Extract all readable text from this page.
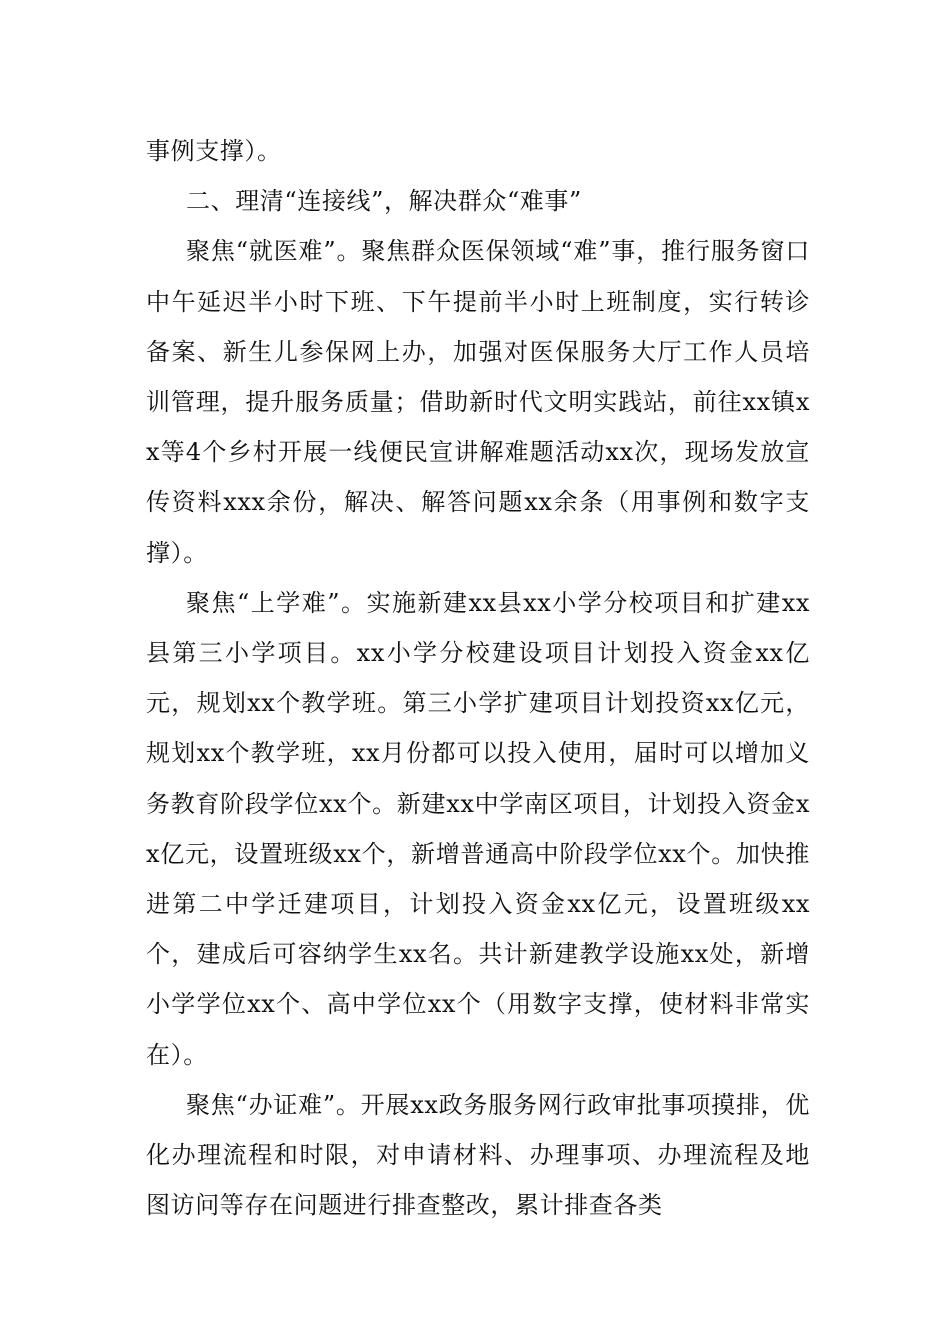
事例支撑）。

二、理清“连接线”，解决群众“难事”

聚焦“就医难”。聚焦群众医保领域“难”事，推行服务窗口中午延迟半小时下班、下午提前半小时上班制度，实行转诊备案、新生儿参保网上办，加强对医保服务大厅工作人员培训管理，提升服务质量；借助新时代文明实践站，前往xx镇xx等4个乡村开展一线便民宣讲解难题活动xx次，现场发放宣传资料xxx余份，解决、解答问题xx余条（用事例和数字支撑）。

聚焦“上学难”。实施新建xx县xx小学分校项目和扩建xx县第三小学项目。xx小学分校建设项目计划投入资金xx亿元，规划xx个教学班。第三小学扩建项目计划投资xx亿元，规划xx个教学班，xx月份都可以投入使用，届时可以增加义务教育阶段学位xx个。新建xx中学南区项目，计划投入资金xx亿元，设置班级xx个，新增普通高中阶段学位xx个。加快推进第二中学迁建项目，计划投入资金xx亿元，设置班级xx个，建成后可容纳学生xx名。共计新建教学设施xx处，新增小学学位xx个、高中学位xx个（用数字支撑，使材料非常实在）。

聚焦“办证难”。开展xx政务服务网行政审批事项摸排，优化办理流程和时限，对申请材料、办理事项、办理流程及地图访问等存在问题进行排查整改，累计排查各类
